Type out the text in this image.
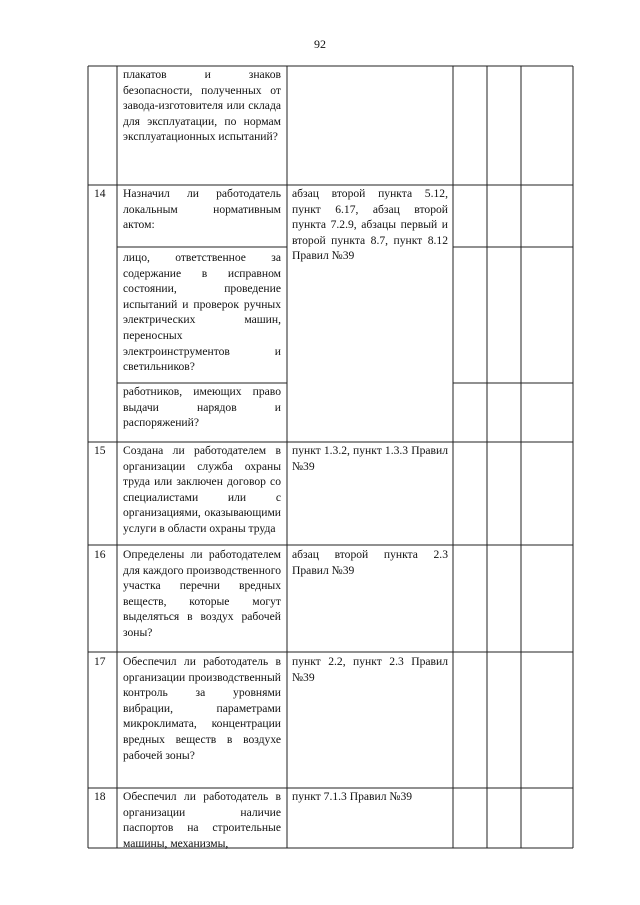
92
плакатов и знаков безопасности, полученных от завода-изготовителя или склада для эксплуатации, по нормам эксплуатационных испытаний?
14 Назначил ли работодатель локальным нормативным актом:
абзац второй пункта 5.12, пункт 6.17, абзац второй пункта 7.2.9, абзацы первый и второй пункта 8.7, пункт 8.12 Правил №39
лицо, ответственное за содержание в исправном состоянии, проведение испытаний и проверок ручных электрических машин, переносных электроинструментов и светильников?
работников, имеющих право выдачи нарядов и распоряжений?
15 Создана ли работодателем в организации служба охраны труда или заключен договор со специалистами или с организациями, оказывающими услуги в области охраны труда
пункт 1.3.2, пункт 1.3.3 Правил №39
16 Определены ли работодателем для каждого производственного участка перечни вредных веществ, которые могут выделяться в воздух рабочей зоны?
абзац второй пункта 2.3 Правил №39
17 Обеспечил ли работодатель в организации производственный контроль за уровнями вибрации, параметрами микроклимата, концентрации вредных веществ в воздухе рабочей зоны?
пункт 2.2, пункт 2.3 Правил №39
18 Обеспечил ли работодатель в организации наличие паспортов на строительные машины, механизмы,
пункт 7.1.3 Правил №39
